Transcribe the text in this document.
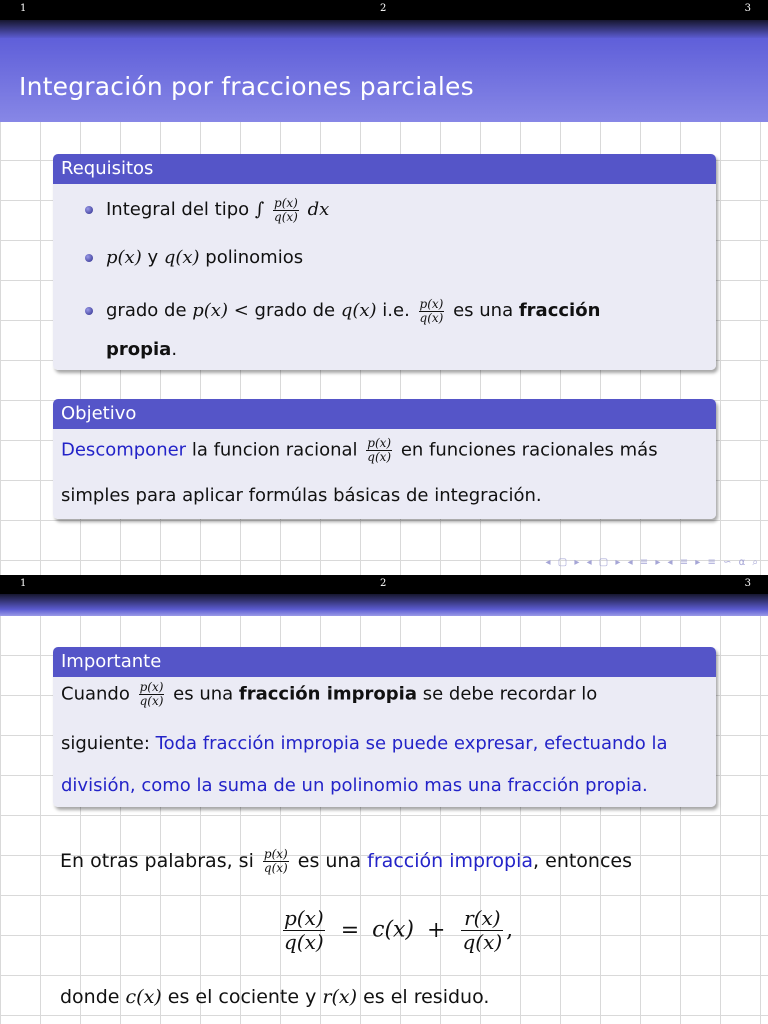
1	2	3
Integración por fracciones parciales
Requisitos
Integral del tipo ∫ $\frac{p(x)}{q(x)}$ dx
p(x) y q(x) polinomios
grado de p(x) < grado de q(x) i.e. $\frac{p(x)}{q(x)}$ es una fracción
propia.
Objetivo
Descomponer la funcion racional $\frac{p(x)}{q(x)}$ en funciones racionales más
simples para aplicar formúlas básicas de integración.
◂ ▢ ▸ ◂ ▢ ▸ ◂ ≡ ▸ ◂ ≡ ▸ ≡ ∽ ⍺ ⌕
1	2	3
Importante
Cuando $\frac{p(x)}{q(x)}$ es una fracción impropia se debe recordar lo
siguiente: Toda fracción impropia se puede expresar, efectuando la
división, como la suma de un polinomio mas una fracción propia.
En otras palabras, si $\frac{p(x)}{q(x)}$ es una fracción impropia, entonces
$\frac{p(x)}{q(x)} = c(x) + \frac{r(x)}{q(x)}$ ,
donde c(x) es el cociente y r(x) es el residuo.
